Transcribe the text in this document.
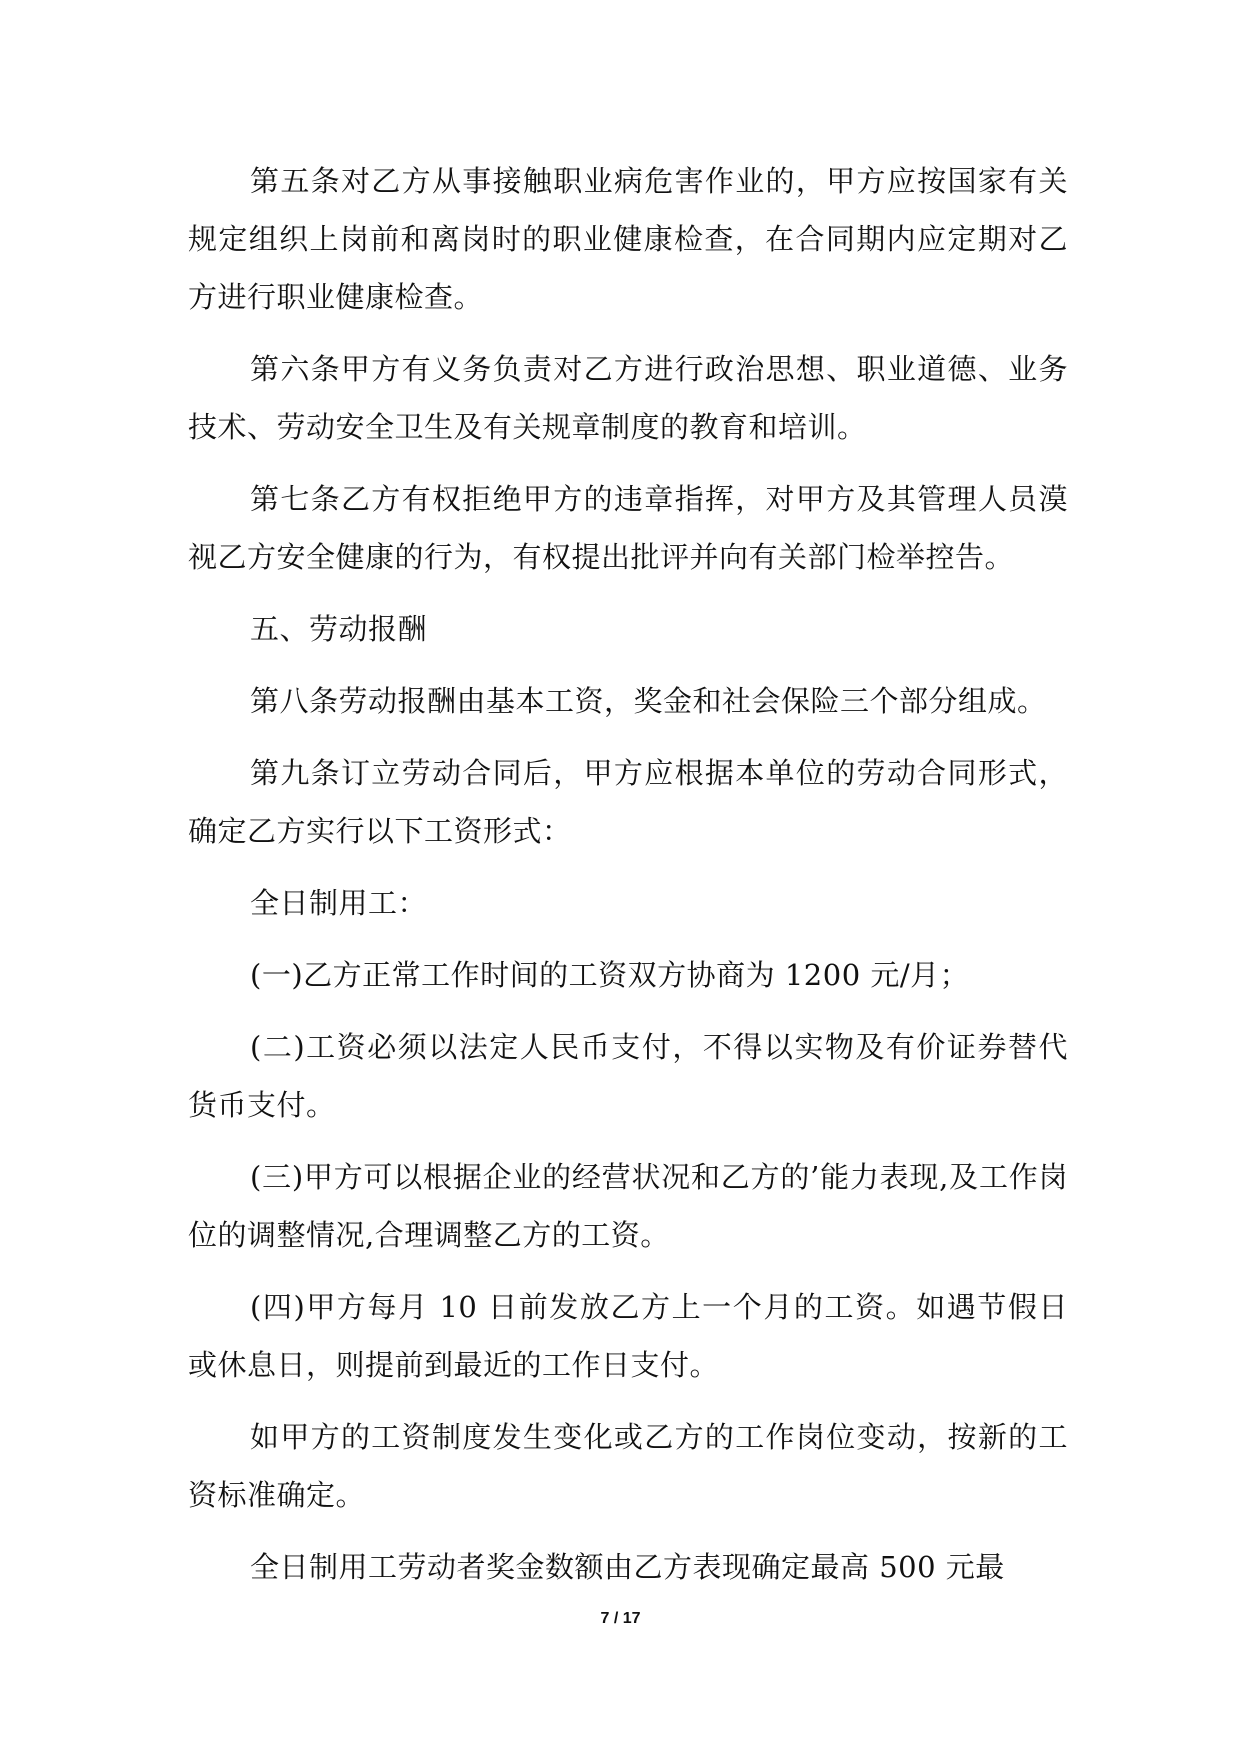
第五条对乙方从事接触职业病危害作业的，甲方应按国家有关规定组织上岗前和离岗时的职业健康检查，在合同期内应定期对乙方进行职业健康检查。

第六条甲方有义务负责对乙方进行政治思想、职业道德、业务技术、劳动安全卫生及有关规章制度的教育和培训。

第七条乙方有权拒绝甲方的违章指挥，对甲方及其管理人员漠视乙方安全健康的行为，有权提出批评并向有关部门检举控告。

五、劳动报酬

第八条劳动报酬由基本工资，奖金和社会保险三个部分组成。

第九条订立劳动合同后，甲方应根据本单位的劳动合同形式，确定乙方实行以下工资形式：

全日制用工：

(一)乙方正常工作时间的工资双方协商为 1200 元/月；

(二)工资必须以法定人民币支付，不得以实物及有价证券替代货币支付。

(三)甲方可以根据企业的经营状况和乙方的’能力表现,及工作岗位的调整情况,合理调整乙方的工资。

(四)甲方每月 10 日前发放乙方上一个月的工资。如遇节假日或休息日，则提前到最近的工作日支付。

如甲方的工资制度发生变化或乙方的工作岗位变动，按新的工资标准确定。

全日制用工劳动者奖金数额由乙方表现确定最高 500 元最

7 / 17
